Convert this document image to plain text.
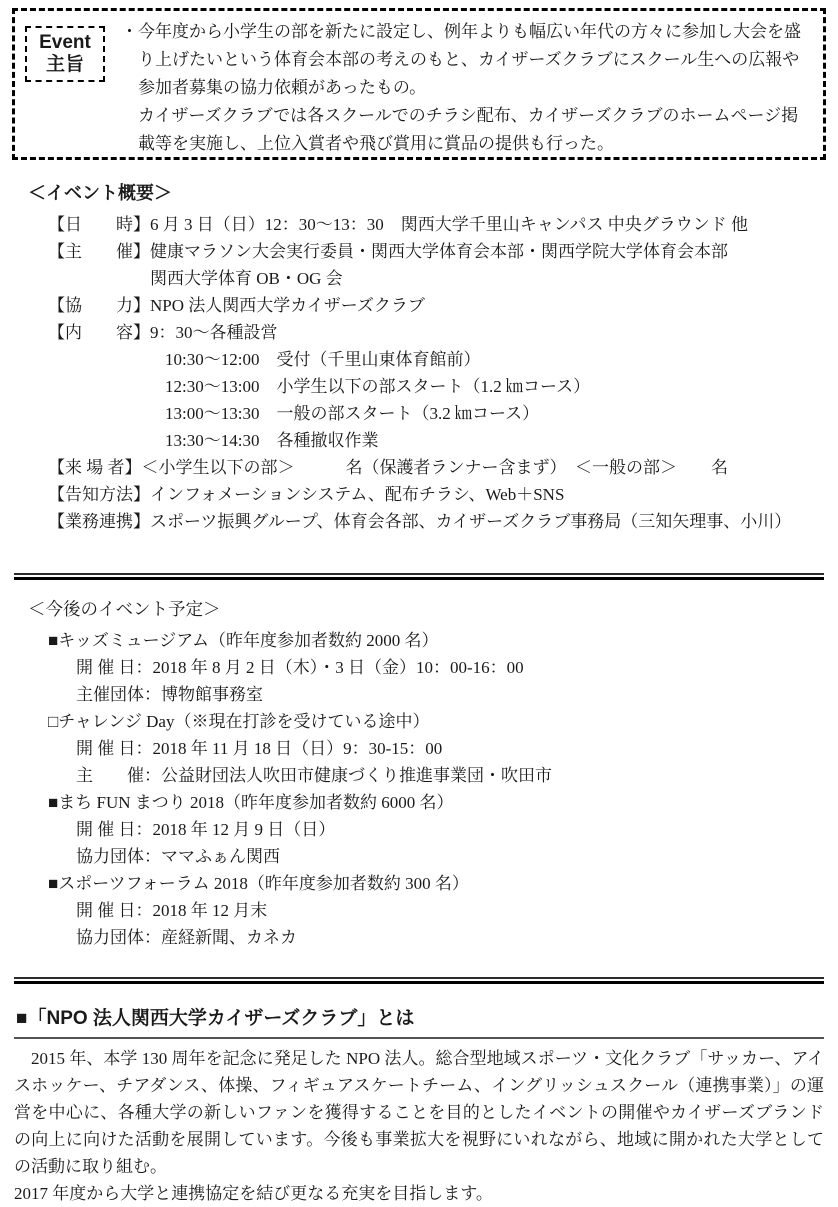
Event
主旨
・今年度から小学生の部を新たに設定し、例年よりも幅広い年代の方々に参加し大会を盛り上げたいという体育会本部の考えのもと、カイザーズクラブにスクール生への広報や参加者募集の協力依頼があったもの。
カイザーズクラブでは各スクールでのチラシ配布、カイザーズクラブのホームページ掲載等を実施し、上位入賞者や飛び賞用に賞品の提供も行った。
＜イベント概要＞
【日　　時】 6 月 3 日（日）12：30～13：30　関西大学千里山キャンパス 中央グラウンド 他
【主　　催】 健康マラソン大会実行委員・関西大学体育会本部・関西学院大学体育会本部
関西大学体育 OB・OG 会
【協　　力】 NPO 法人関西大学カイザーズクラブ
【内　　容】 9：30～各種設営
10:30～12:00　受付（千里山東体育館前）
12:30～13:00　小学生以下の部スタート（1.2 ㎞コース）
13:00～13:30　一般の部スタート（3.2 ㎞コース）
13:30～14:30　各種撤収作業
【来 場 者】 ＜小学生以下の部＞　　　名（保護者ランナー含まず）　＜一般の部＞　　名
【告知方法】 インフォメーションシステム、配布チラシ、Web＋SNS
【業務連携】 スポーツ振興グループ、体育会各部、カイザーズクラブ事務局（三知矢理事、小川）
＜今後のイベント予定＞
■キッズミュージアム（昨年度参加者数約 2000 名）
開 催 日：2018 年 8 月 2 日（木）・3 日（金）10：00-16：00
主催団体：博物館事務室
□チャレンジ Day（※現在打診を受けている途中）
開 催 日：2018 年 11 月 18 日（日）9：30-15：00
主　　催：公益財団法人吹田市健康づくり推進事業団・吹田市
■まち FUN まつり 2018（昨年度参加者数約 6000 名）
開 催 日：2018 年 12 月 9 日（日）
協力団体：ママふぁん関西
■スポーツフォーラム 2018（昨年度参加者数約 300 名）
開 催 日：2018 年 12 月末
協力団体：産経新聞、カネカ
■「NPO 法人関西大学カイザーズクラブ」とは
　2015 年、本学 130 周年を記念に発足した NPO 法人。総合型地域スポーツ・文化クラブ「サッカー、アイスホッケー、チアダンス、体操、フィギュアスケートチーム、イングリッシュスクール（連携事業）」の運営を中心に、各種大学の新しいファンを獲得することを目的としたイベントの開催やカイザーズブランドの向上に向けた活動を展開しています。今後も事業拡大を視野にいれながら、地域に開かれた大学としての活動に取り組む。
2017 年度から大学と連携協定を結び更なる充実を目指します。
